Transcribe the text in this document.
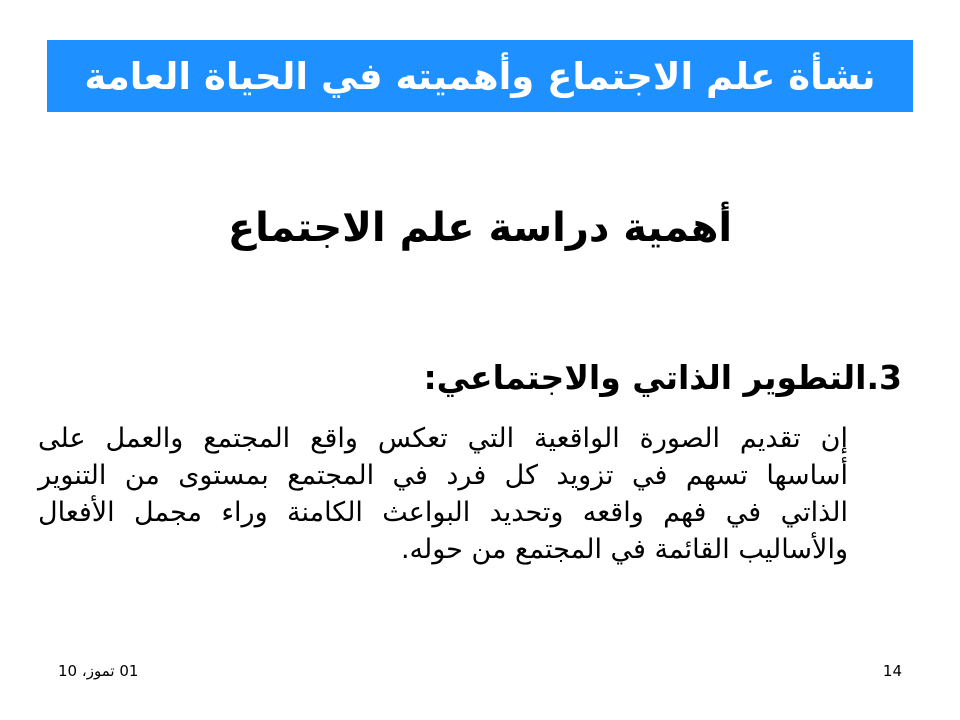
نشأة علم الاجتماع وأهميته في الحياة العامة
أهمية دراسة علم الاجتماع
3.التطوير الذاتي والاجتماعي:
إن تقديم الصورة الواقعية التي تعكس واقع المجتمع والعمل على
أساسها تسهم في تزويد كل فرد في المجتمع بمستوى من التنوير
الذاتي في فهم واقعه وتحديد البواعث الكامنة وراء مجمل الأفعال
والأساليب القائمة في المجتمع من حوله.
01 تموز، 10	14
